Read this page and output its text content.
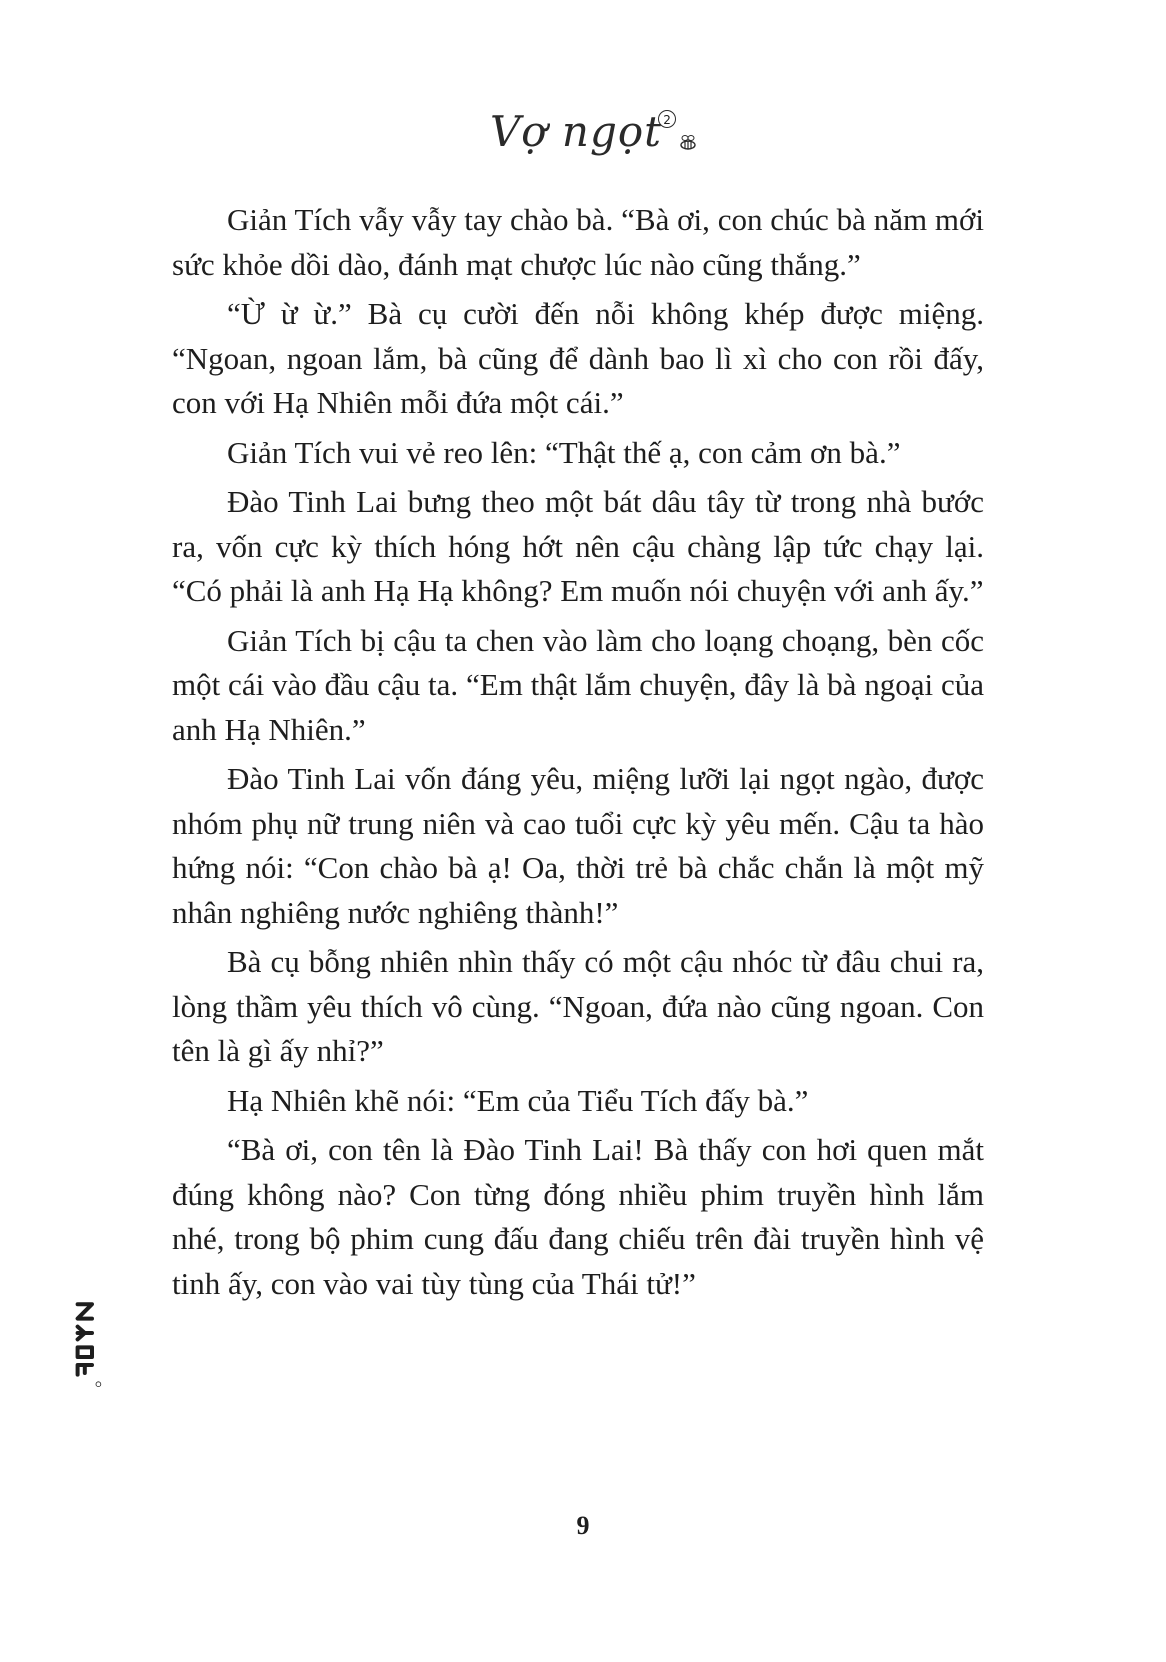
Vợ ngọt 2

Giản Tích vẫy vẫy tay chào bà. “Bà ơi, con chúc bà năm mới sức khỏe dồi dào, đánh mạt chược lúc nào cũng thắng.”

“Ừ ừ ừ.” Bà cụ cười đến nỗi không khép được miệng. “Ngoan, ngoan lắm, bà cũng để dành bao lì xì cho con rồi đấy, con với Hạ Nhiên mỗi đứa một cái.”

Giản Tích vui vẻ reo lên: “Thật thế ạ, con cảm ơn bà.”

Đào Tinh Lai bưng theo một bát dâu tây từ trong nhà bước ra, vốn cực kỳ thích hóng hớt nên cậu chàng lập tức chạy lại. “Có phải là anh Hạ Hạ không? Em muốn nói chuyện với anh ấy.”

Giản Tích bị cậu ta chen vào làm cho loạng choạng, bèn cốc một cái vào đầu cậu ta. “Em thật lắm chuyện, đây là bà ngoại của anh Hạ Nhiên.”

Đào Tinh Lai vốn đáng yêu, miệng lưỡi lại ngọt ngào, được nhóm phụ nữ trung niên và cao tuổi cực kỳ yêu mến. Cậu ta hào hứng nói: “Con chào bà ạ! Oa, thời trẻ bà chắc chắn là một mỹ nhân nghiêng nước nghiêng thành!”

Bà cụ bỗng nhiên nhìn thấy có một cậu nhóc từ đâu chui ra, lòng thầm yêu thích vô cùng. “Ngoan, đứa nào cũng ngoan. Con tên là gì ấy nhỉ?”

Hạ Nhiên khẽ nói: “Em của Tiểu Tích đấy bà.”

“Bà ơi, con tên là Đào Tinh Lai! Bà thấy con hơi quen mắt đúng không nào? Con từng đóng nhiều phim truyền hình lắm nhé, trong bộ phim cung đấu đang chiếu trên đài truyền hình vệ tinh ấy, con vào vai tùy tùng của Thái tử!”

9
